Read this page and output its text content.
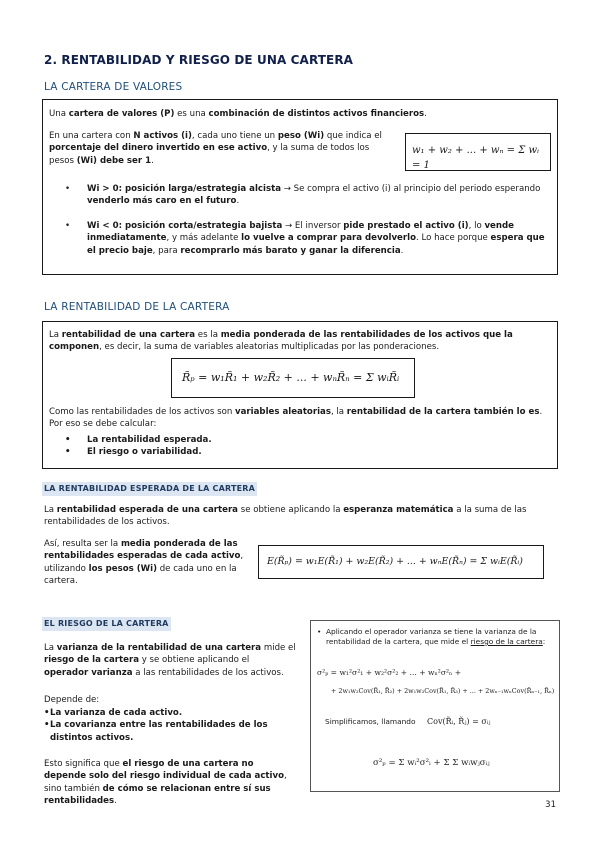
2. RENTABILIDAD Y RIESGO DE UNA CARTERA
LA CARTERA DE VALORES

Una cartera de valores (P) es una combinación de distintos activos financieros.

En una cartera con N activos (i), cada uno tiene un peso (Wi) que indica el porcentaje del dinero invertido en ese activo, y la suma de todos los pesos (Wi) debe ser 1.

w₁ + w₂ + ... + wₙ = Σ wᵢ = 1
• Wi > 0: posición larga/estrategia alcista → Se compra el activo (i) al principio del periodo esperando venderlo más caro en el futuro.
• Wi < 0: posición corta/estrategia bajista → El inversor pide prestado el activo (i), lo vende inmediatamente, y más adelante lo vuelve a comprar para devolverlo. Lo hace porque espera que el precio baje, para recomprarlo más barato y ganar la diferencia.
LA RENTABILIDAD DE LA CARTERA

La rentabilidad de una cartera es la media ponderada de las rentabilidades de los activos que la componen, es decir, la suma de variables aleatorias multiplicadas por las ponderaciones.

R̃ₚ = w₁R̃₁ + w₂R̃₂ + ... + wₙR̃ₙ = Σ wᵢR̃ᵢ

Como las rentabilidades de los activos son variables aleatorias, la rentabilidad de la cartera también lo es. Por eso se debe calcular:

• La rentabilidad esperada.
• El riesgo o variabilidad.
LA RENTABILIDAD ESPERADA DE LA CARTERA

La rentabilidad esperada de una cartera se obtiene aplicando la esperanza matemática a la suma de las rentabilidades de los activos.

Así, resulta ser la media ponderada de las rentabilidades esperadas de cada activo, utilizando los pesos (Wi) de cada uno en la cartera.

E(R̃ₚ) = w₁E(R̃₁) + w₂E(R̃₂) + ... + wₙE(R̃ₙ) = Σ wᵢE(R̃ᵢ)
EL RIESGO DE LA CARTERA

La varianza de la rentabilidad de una cartera mide el riesgo de la cartera y se obtiene aplicando el operador varianza a las rentabilidades de los activos.

Depende de:
• La varianza de cada activo.
• La covarianza entre las rentabilidades de los distintos activos.

Esto significa que el riesgo de una cartera no depende solo del riesgo individual de cada activo, sino también de cómo se relacionan entre sí sus rentabilidades.

• Aplicando el operador varianza se tiene la varianza de la rentabilidad de la cartera, que mide el riesgo de la cartera:
σ²ₚ = w₁²σ²₁ + w₂²σ²₂ + ... + wₙ²σ²ₙ +
+ 2w₁w₂Cov(R̃₁, R̃₂) + 2w₁w₃Cov(R̃₁, R̃₃) + ... + 2wₙ₋₁wₙCov(R̃ₙ₋₁, R̃ₙ)
Simplificamos, llamando Cov(R̃ᵢ, R̃ⱼ) = σᵢⱼ
σ²ₚ = Σ wᵢ²σ²ᵢ + Σ Σ wᵢwⱼσᵢⱼ
31
